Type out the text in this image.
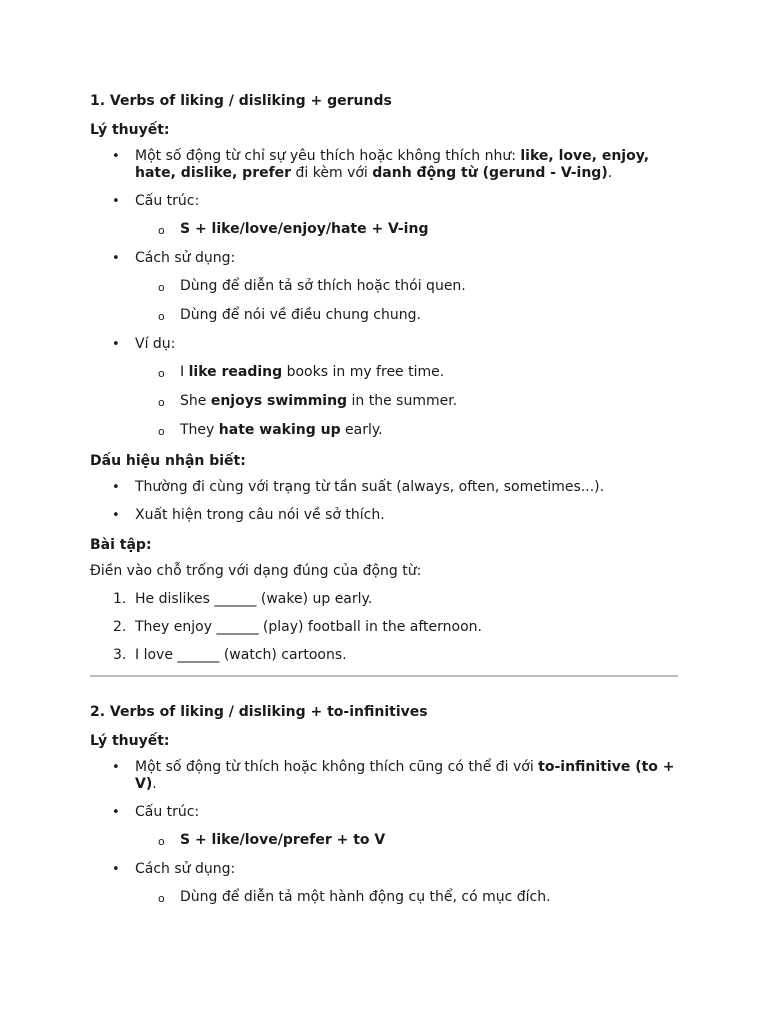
1. Verbs of liking / disliking + gerunds

Lý thuyết:

• Một số động từ chỉ sự yêu thích hoặc không thích như: like, love, enjoy, hate, dislike, prefer đi kèm với danh động từ (gerund - V-ing).
• Cấu trúc:
o S + like/love/enjoy/hate + V-ing
• Cách sử dụng:
o Dùng để diễn tả sở thích hoặc thói quen.
o Dùng để nói về điều chung chung.
• Ví dụ:
o I like reading books in my free time.
o She enjoys swimming in the summer.
o They hate waking up early.

Dấu hiệu nhận biết:

• Thường đi cùng với trạng từ tần suất (always, often, sometimes...).
• Xuất hiện trong câu nói về sở thích.

Bài tập:

Điền vào chỗ trống với dạng đúng của động từ:

1. He dislikes ______ (wake) up early.
2. They enjoy ______ (play) football in the afternoon.
3. I love ______ (watch) cartoons.

2. Verbs of liking / disliking + to-infinitives

Lý thuyết:

• Một số động từ thích hoặc không thích cũng có thể đi với to-infinitive (to + V).
• Cấu trúc:
o S + like/love/prefer + to V
• Cách sử dụng:
o Dùng để diễn tả một hành động cụ thể, có mục đích.
